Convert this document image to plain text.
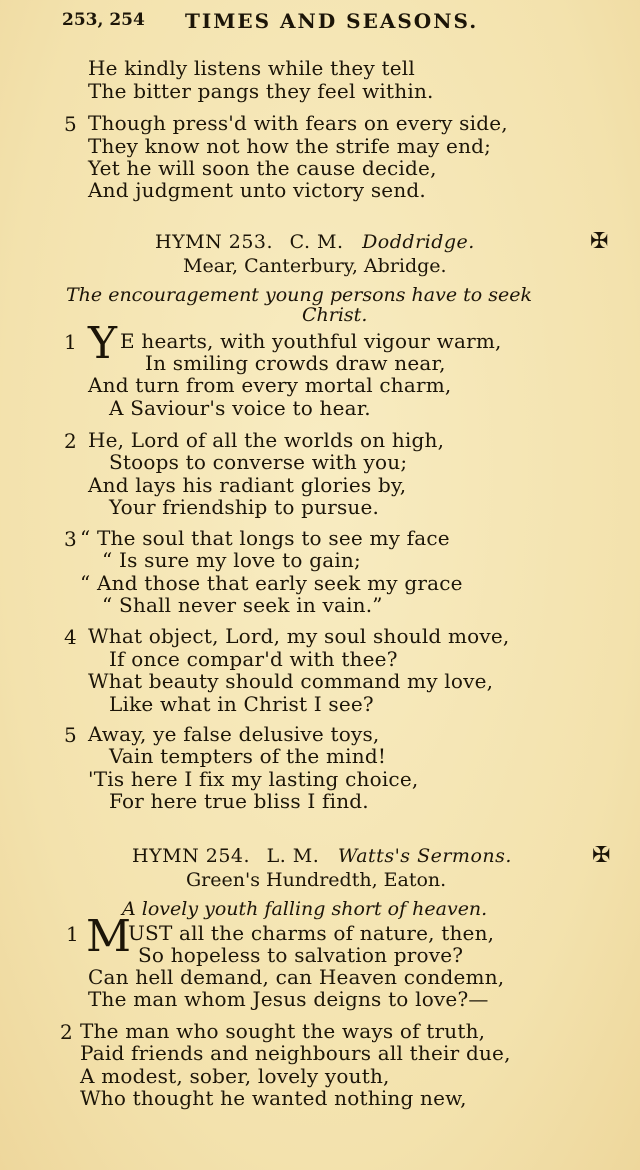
253, 254 TIMES AND SEASONS.
He kindly listens while they tell
The bitter pangs they feel within.
5 Though press'd with fears on every side,
They know not how the strife may end;
Yet he will soon the cause decide,
And judgment unto victory send.
HYMN 253. C. M. Doddridge.	✠
Mear, Canterbury, Abridge.
The encouragement young persons have to seek
Christ.
1 Y E hearts, with youthful vigour warm,
In smiling crowds draw near,
And turn from every mortal charm,
A Saviour's voice to hear.
2 He, Lord of all the worlds on high,
Stoops to converse with you;
And lays his radiant glories by,
Your friendship to pursue.
3 “ The soul that longs to see my face
“ Is sure my love to gain;
“ And those that early seek my grace
“ Shall never seek in vain.”
4 What object, Lord, my soul should move,
If once compar'd with thee?
What beauty should command my love,
Like what in Christ I see?
5 Away, ye false delusive toys,
Vain tempters of the mind!
'Tis here I fix my lasting choice,
For here true bliss I find.
HYMN 254. L. M. Watts's Sermons.	✠
Green's Hundredth, Eaton.
A lovely youth falling short of heaven.
1 M
UST all the charms of nature, then,
So hopeless to salvation prove?
Can hell demand, can Heaven condemn,
The man whom Jesus deigns to love?—
2 The man who sought the ways of truth,
Paid friends and neighbours all their due,
A modest, sober, lovely youth,
Who thought he wanted nothing new,
